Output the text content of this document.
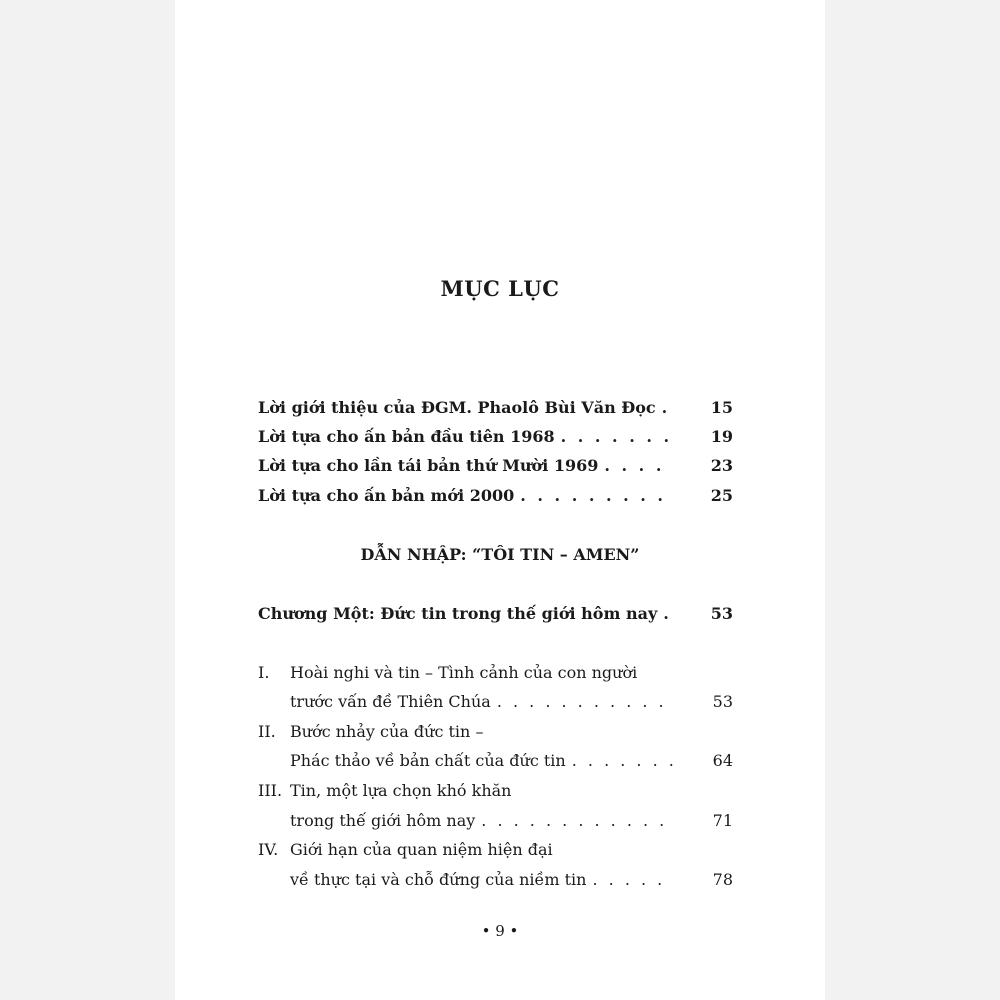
MỤC LỤC
Lời giới thiệu của ĐGM. Phaolô Bùi Văn Đọc . . .	15
Lời tựa cho ấn bản đầu tiên 1968 . . .	19
Lời tựa cho lần tái bản thứ Mười 1969 . . .	23
Lời tựa cho ấn bản mới 2000 . . .	25
DẪN NHẬP: “TÔI TIN – AMEN”
Chương Một: Đức tin trong thế giới hôm nay . . .	53
I. Hoài nghi và tin – Tình cảnh của con người
trước vấn đề Thiên Chúa . . .	53
II. Bước nhảy của đức tin –
Phác thảo về bản chất của đức tin . . .	64
III. Tin, một lựa chọn khó khăn
trong thế giới hôm nay . . .	71
IV. Giới hạn của quan niệm hiện đại
về thực tại và chỗ đứng của niềm tin . . .	78
• 9 •
